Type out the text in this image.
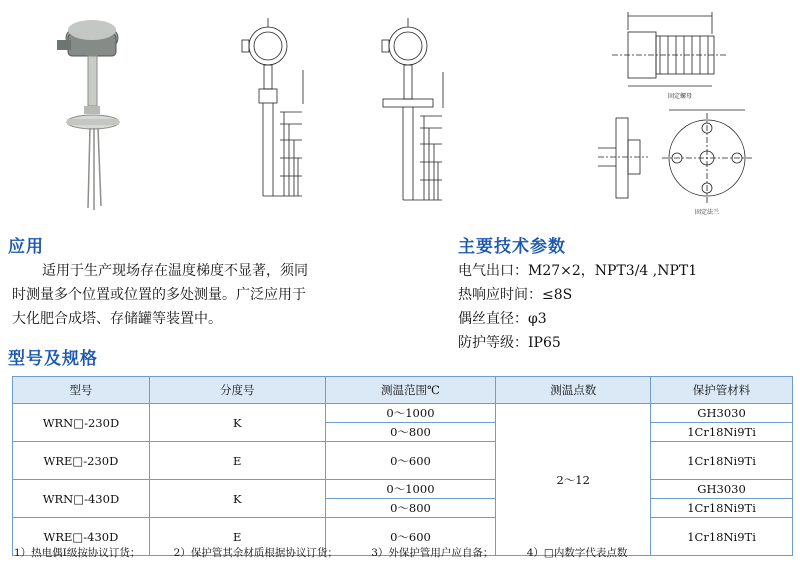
固定螺母
固定法兰
应用
适用于生产现场存在温度梯度不显著，须同
时测量多个位置或位置的多处测量。广泛应用于
大化肥合成塔、存储罐等装置中。
主要技术参数
电气出口：M27×2，NPT3/4 ,NPT1
热响应时间：≤8S
偶丝直径：φ3
防护等级：IP65
型号及规格
型号	分度号	测温范围℃	测温点数	保护管材料
WRN□-230D	K	0～1000	2～12	GH3030
		0～800		1Cr18Ni9Ti
WRE□-230D	E	0～600		1Cr18Ni9Ti

WRN□-430D	K	0～1000		GH3030
		0～800		1Cr18Ni9Ti
WRE□-430D	E	0～600		1Cr18Ni9Ti

1）热电偶I级按协议订货；	2）保护管其余材质根据协议订货；	3）外保护管用户应自备；	4）□内数字代表点数
